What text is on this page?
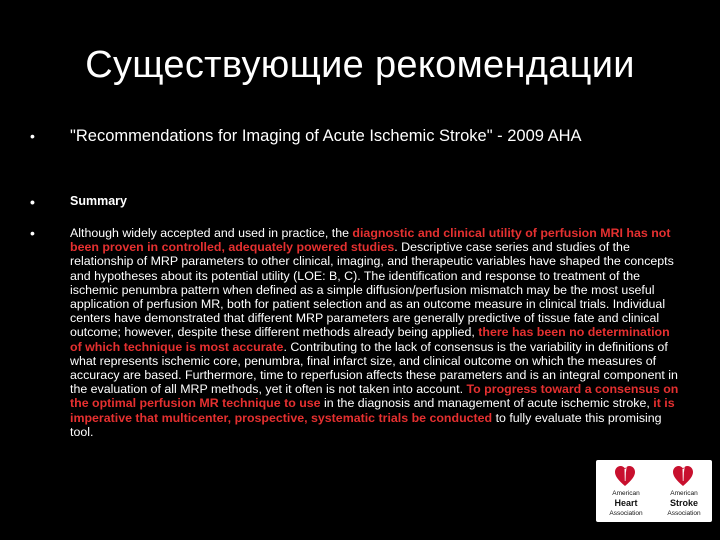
Существующие рекомендации
•	"Recommendations for Imaging of Acute Ischemic Stroke" - 2009 AHA
•	Summary
•	Although widely accepted and used in practice, the diagnostic and clinical utility of perfusion MRI has not been proven in controlled, adequately powered studies. Descriptive case series and studies of the relationship of MRP parameters to other clinical, imaging, and therapeutic variables have shaped the concepts and hypotheses about its potential utility (LOE: B, C). The identification and response to treatment of the ischemic penumbra pattern when defined as a simple diffusion/perfusion mismatch may be the most useful application of perfusion MR, both for patient selection and as an outcome measure in clinical trials. Individual centers have demonstrated that different MRP parameters are generally predictive of tissue fate and clinical outcome; however, despite these different methods already being applied, there has been no determination of which technique is most accurate. Contributing to the lack of consensus is the variability in definitions of what represents ischemic core, penumbra, final infarct size, and clinical outcome on which the measures of accuracy are based. Furthermore, time to reperfusion affects these parameters and is an integral component in the evaluation of all MRP methods, yet it often is not taken into account. To progress toward a consensus on the optimal perfusion MR technique to use in the diagnosis and management of acute ischemic stroke, it is imperative that multicenter, prospective, systematic trials be conducted to fully evaluate this promising tool.
American
Heart
Association
American
Stroke
Association
